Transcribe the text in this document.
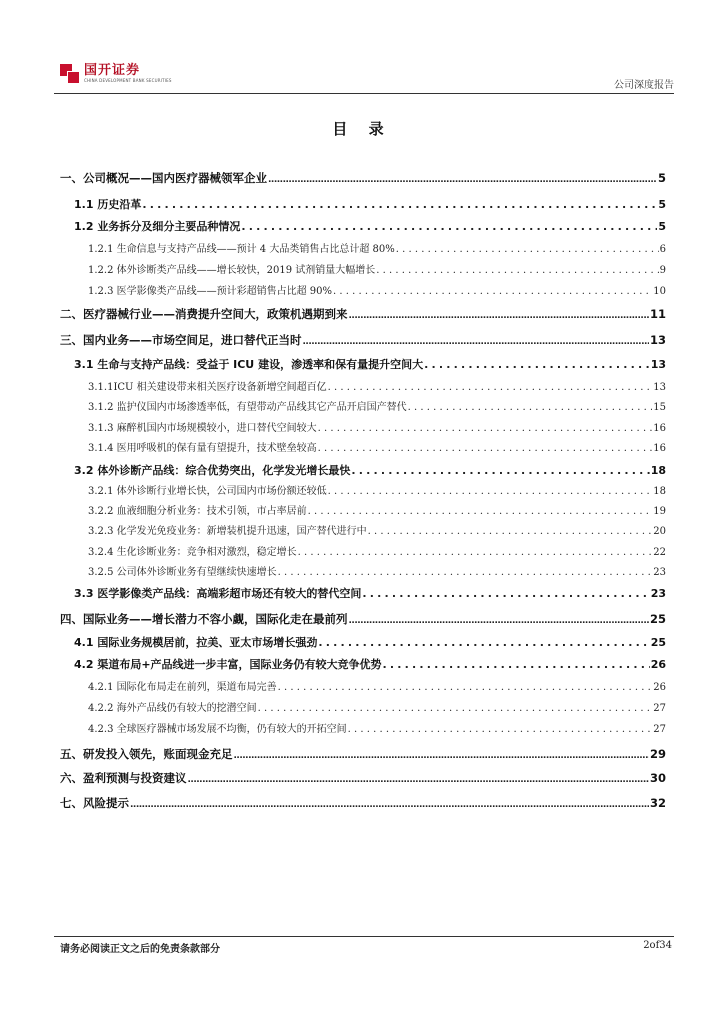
国开证券
CHINA DEVELOPMENT BANK SECURITIES	公司深度报告
目 录
一、公司概况——国内医疗器械领军企业 .....	5
1.1 历史沿革 .....	5
1.2 业务拆分及细分主要品种情况 .....	5
1.2.1 生命信息与支持产品线——预计 4 大品类销售占比总计超 80% .....	6
1.2.2 体外诊断类产品线——增长较快，2019 试剂销量大幅增长 .....	9
1.2.3 医学影像类产品线——预计彩超销售占比超 90% .....	10
二、医疗器械行业——消费提升空间大，政策机遇期到来 .....	11
三、国内业务——市场空间足，进口替代正当时 .....	13
3.1 生命与支持产品线：受益于 ICU 建设，渗透率和保有量提升空间大 .....	13
3.1.1ICU 相关建设带来相关医疗设备新增空间超百亿 .....	13
3.1.2 监护仪国内市场渗透率低，有望带动产品线其它产品开启国产替代 .....	15
3.1.3 麻醉机国内市场规模较小，进口替代空间较大 .....	16
3.1.4 医用呼吸机的保有量有望提升，技术壁垒较高 .....	16
3.2 体外诊断产品线：综合优势突出，化学发光增长最快 .....	18
3.2.1 体外诊断行业增长快，公司国内市场份额还较低 .....	18
3.2.2 血液细胞分析业务：技术引领，市占率居前 .....	19
3.2.3 化学发光免疫业务：新增装机提升迅速，国产替代进行中 .....	20
3.2.4 生化诊断业务：竞争相对激烈，稳定增长 .....	22
3.2.5 公司体外诊断业务有望继续快速增长 .....	23
3.3 医学影像类产品线：高端彩超市场还有较大的替代空间 .....	23
四、国际业务——增长潜力不容小觑，国际化走在最前列 .....	25
4.1 国际业务规模居前，拉美、亚太市场增长强劲 .....	25
4.2 渠道布局+产品线进一步丰富，国际业务仍有较大竞争优势 .....	26
4.2.1 国际化布局走在前列，渠道布局完善 .....	26
4.2.2 海外产品线仍有较大的挖潜空间 .....	27
4.2.3 全球医疗器械市场发展不均衡，仍有较大的开拓空间 .....	27
五、研发投入领先，账面现金充足 .....	29
六、盈利预测与投资建议 .....	30
七、风险提示 .....	32
请务必阅读正文之后的免责条款部分	2of34
